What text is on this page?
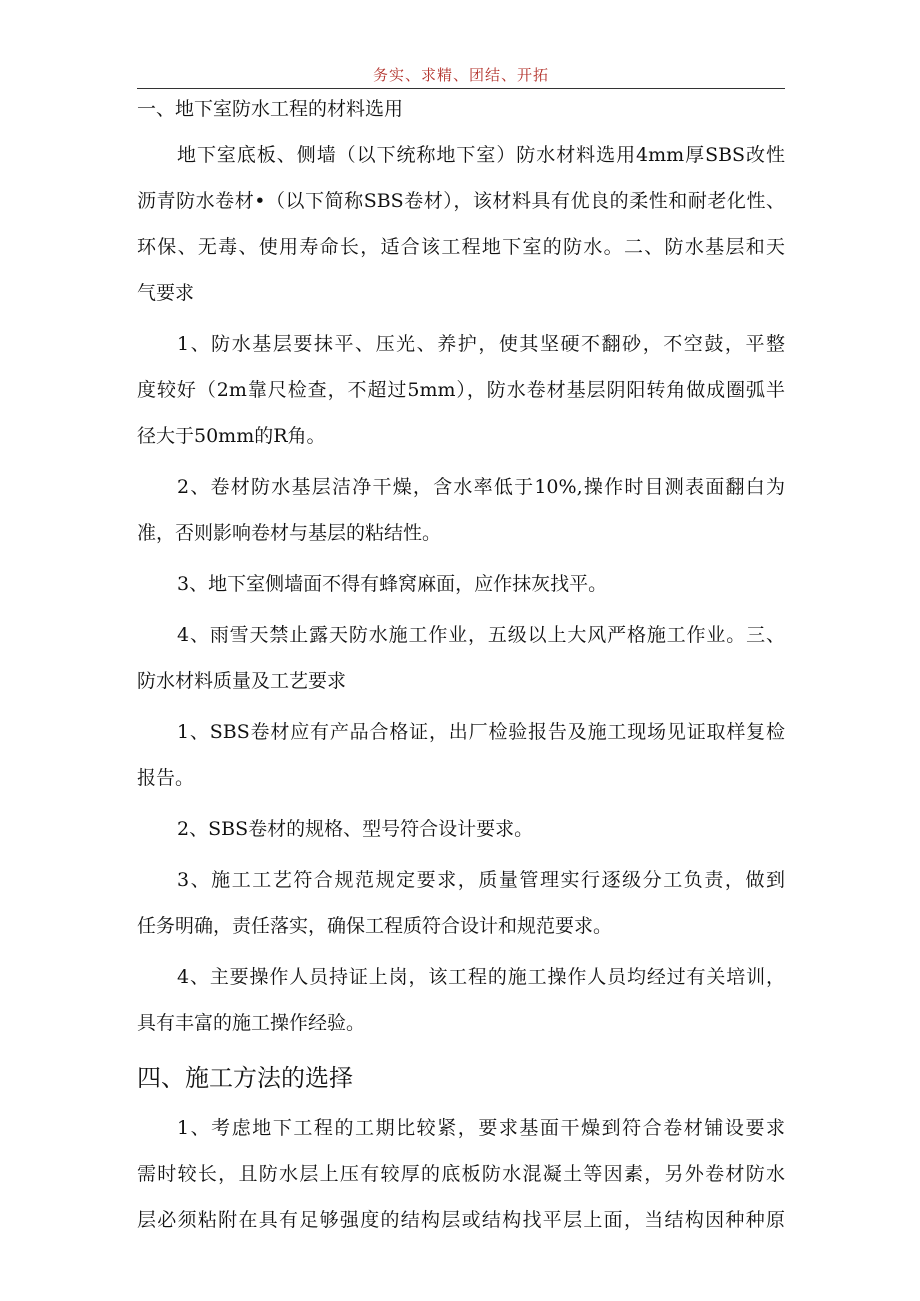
务实、求精、团结、开拓
一、地下室防水工程的材料选用
地下室底板、侧墙（以下统称地下室）防水材料选用4mm厚SBS改性
沥青防水卷材•（以下简称SBS卷材），该材料具有优良的柔性和耐老化性、
环保、无毒、使用寿命长，适合该工程地下室的防水。二、防水基层和天
气要求
1、防水基层要抹平、压光、养护，使其坚硬不翻砂，不空鼓，平整
度较好（2m靠尺检查，不超过5mm），防水卷材基层阴阳转角做成圈弧半
径大于50mm的R角。
2、卷材防水基层洁净干燥，含水率低于10%,操作时目测表面翻白为
准，否则影响卷材与基层的粘结性。
3、地下室侧墙面不得有蜂窝麻面，应作抹灰找平。
4、雨雪天禁止露天防水施工作业，五级以上大风严格施工作业。三、
防水材料质量及工艺要求
1、SBS卷材应有产品合格证，出厂检验报告及施工现场见证取样复检
报告。
2、SBS卷材的规格、型号符合设计要求。
3、施工工艺符合规范规定要求，质量管理实行逐级分工负责，做到
任务明确，责任落实，确保工程质符合设计和规范要求。
4、主要操作人员持证上岗，该工程的施工操作人员均经过有关培训，
具有丰富的施工操作经验。
四、施工方法的选择
1、考虑地下工程的工期比较紧，要求基面干燥到符合卷材铺设要求
需时较长，且防水层上压有较厚的底板防水混凝土等因素，另外卷材防水
层必须粘附在具有足够强度的结构层或结构找平层上面，当结构因种种原
